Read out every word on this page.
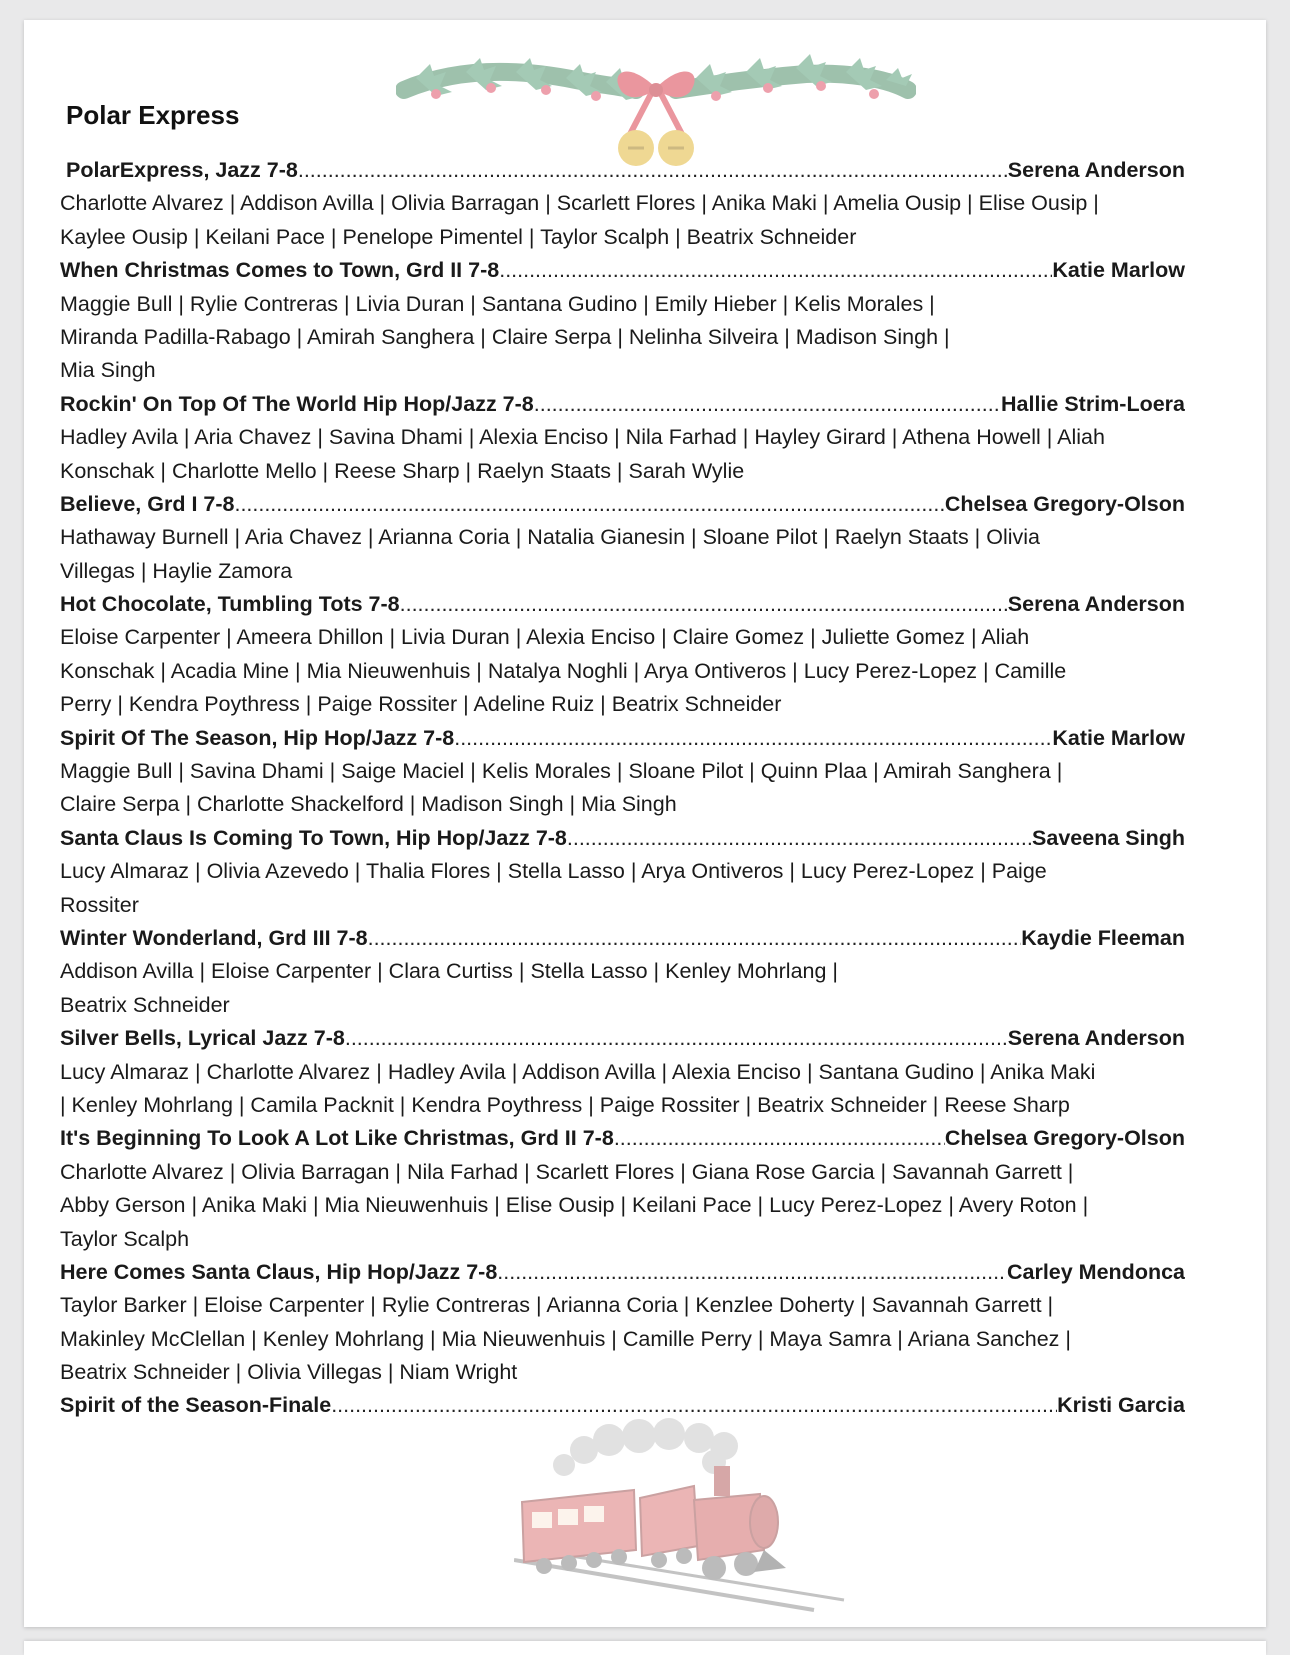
Polar Express
PolarExpress, Jazz 7-8 .....	Serena Anderson
Charlotte Alvarez | Addison Avilla | Olivia Barragan | Scarlett Flores | Anika Maki | Amelia Ousip | Elise Ousip |
Kaylee Ousip | Keilani Pace | Penelope Pimentel | Taylor Scalph | Beatrix Schneider
When Christmas Comes to Town, Grd II 7-8 .....	Katie Marlow
Maggie Bull | Rylie Contreras | Livia Duran | Santana Gudino | Emily Hieber | Kelis Morales |
Miranda Padilla-Rabago | Amirah Sanghera | Claire Serpa | Nelinha Silveira | Madison Singh |
Mia Singh
Rockin' On Top Of The World Hip Hop/Jazz 7-8 .....	Hallie Strim-Loera
Hadley Avila | Aria Chavez | Savina Dhami | Alexia Enciso | Nila Farhad | Hayley Girard | Athena Howell | Aliah
Konschak | Charlotte Mello | Reese Sharp | Raelyn Staats | Sarah Wylie
Believe, Grd I 7-8 .....	Chelsea Gregory-Olson
Hathaway Burnell | Aria Chavez | Arianna Coria | Natalia Gianesin | Sloane Pilot | Raelyn Staats | Olivia
Villegas | Haylie Zamora
Hot Chocolate, Tumbling Tots 7-8 .....	Serena Anderson
Eloise Carpenter | Ameera Dhillon | Livia Duran | Alexia Enciso | Claire Gomez | Juliette Gomez | Aliah
Konschak | Acadia Mine | Mia Nieuwenhuis | Natalya Noghli | Arya Ontiveros | Lucy Perez-Lopez | Camille
Perry | Kendra Poythress | Paige Rossiter | Adeline Ruiz | Beatrix Schneider
Spirit Of The Season, Hip Hop/Jazz 7-8 .....	Katie Marlow
Maggie Bull | Savina Dhami | Saige Maciel | Kelis Morales | Sloane Pilot | Quinn Plaa | Amirah Sanghera |
Claire Serpa | Charlotte Shackelford | Madison Singh | Mia Singh
Santa Claus Is Coming To Town, Hip Hop/Jazz 7-8 .....	Saveena Singh
Lucy Almaraz | Olivia Azevedo | Thalia Flores | Stella Lasso | Arya Ontiveros | Lucy Perez-Lopez | Paige
Rossiter
Winter Wonderland, Grd III 7-8 .....	Kaydie Fleeman
Addison Avilla | Eloise Carpenter | Clara Curtiss | Stella Lasso | Kenley Mohrlang |
Beatrix Schneider
Silver Bells, Lyrical Jazz 7-8 .....	Serena Anderson
Lucy Almaraz | Charlotte Alvarez | Hadley Avila | Addison Avilla | Alexia Enciso | Santana Gudino | Anika Maki
| Kenley Mohrlang | Camila Packnit | Kendra Poythress | Paige Rossiter | Beatrix Schneider | Reese Sharp
It's Beginning To Look A Lot Like Christmas, Grd II 7-8 .....	Chelsea Gregory-Olson
Charlotte Alvarez | Olivia Barragan | Nila Farhad | Scarlett Flores | Giana Rose Garcia | Savannah Garrett |
Abby Gerson | Anika Maki | Mia Nieuwenhuis | Elise Ousip | Keilani Pace | Lucy Perez-Lopez | Avery Roton |
Taylor Scalph
Here Comes Santa Claus, Hip Hop/Jazz 7-8 .....	Carley Mendonca
Taylor Barker | Eloise Carpenter | Rylie Contreras | Arianna Coria | Kenzlee Doherty | Savannah Garrett |
Makinley McClellan | Kenley Mohrlang | Mia Nieuwenhuis | Camille Perry | Maya Samra | Ariana Sanchez |
Beatrix Schneider | Olivia Villegas | Niam Wright
Spirit of the Season-Finale .....	Kristi Garcia
